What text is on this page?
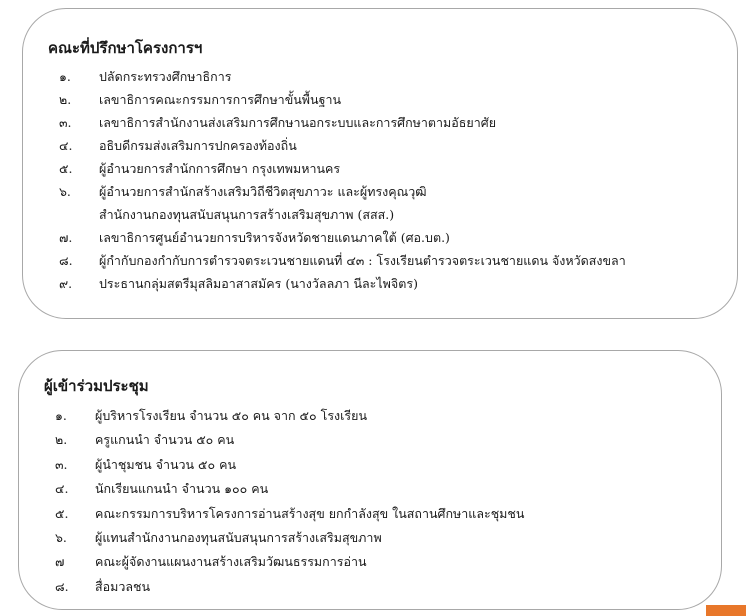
คณะที่ปรึกษาโครงการฯ
๑.	ปลัดกระทรวงศึกษาธิการ
๒.	เลขาธิการคณะกรรมการการศึกษาขั้นพื้นฐาน
๓.	เลขาธิการสำนักงานส่งเสริมการศึกษานอกระบบและการศึกษาตามอัธยาศัย
๔.	อธิบดีกรมส่งเสริมการปกครองท้องถิ่น
๕.	ผู้อำนวยการสำนักการศึกษา กรุงเทพมหานคร
๖.	ผู้อำนวยการสำนักสร้างเสริมวิถีชีวิตสุขภาวะ และผู้ทรงคุณวุฒิ
สำนักงานกองทุนสนับสนุนการสร้างเสริมสุขภาพ (สสส.)
๗.	เลขาธิการศูนย์อำนวยการบริหารจังหวัดชายแดนภาคใต้ (ศอ.บต.)
๘.	ผู้กำกับกองกำกับการตำรวจตระเวนชายแดนที่ ๔๓ : โรงเรียนตำรวจตระเวนชายแดน จังหวัดสงขลา
๙.	ประธานกลุ่มสตรีมุสลิมอาสาสมัคร (นางวัลลภา นีละไพจิตร)
ผู้เข้าร่วมประชุม
๑.	ผู้บริหารโรงเรียน จำนวน ๕๐ คน จาก ๕๐ โรงเรียน
๒.	ครูแกนนำ จำนวน ๕๐ คน
๓.	ผู้นำชุมชน จำนวน ๕๐ คน
๔.	นักเรียนแกนนำ จำนวน ๑๐๐ คน
๕.	คณะกรรมการบริหารโครงการอ่านสร้างสุข ยกกำลังสุข ในสถานศึกษาและชุมชน
๖.	ผู้แทนสำนักงานกองทุนสนับสนุนการสร้างเสริมสุขภาพ
๗	คณะผู้จัดงานแผนงานสร้างเสริมวัฒนธรรมการอ่าน
๘.	สื่อมวลชน
